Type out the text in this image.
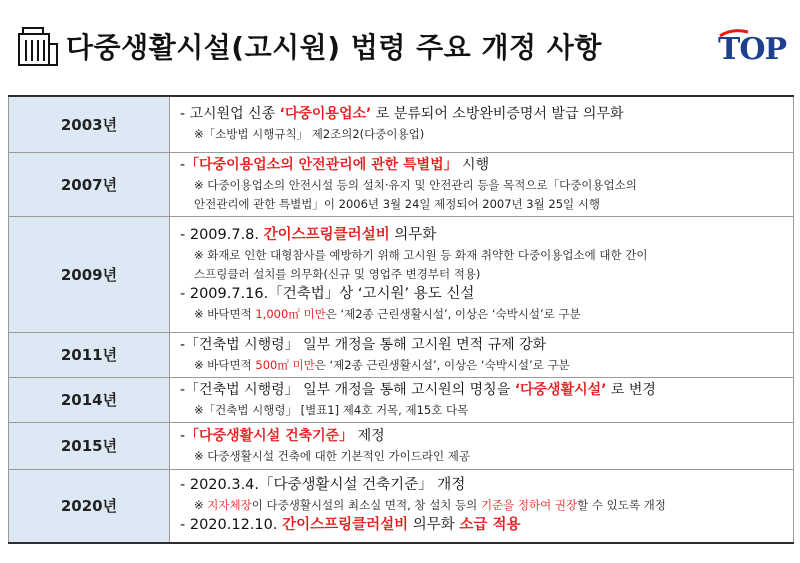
다중생활시설(고시원) 법령 주요 개정 사항	TOP
2003년	- 고시원업 신종 ‘다중이용업소’ 로 분류되어 소방완비증명서 발급 의무화
※「소방법 시행규칙」 제2조의2(다중이용업)

2007년	-「다중이용업소의 안전관리에 관한 특별법」 시행
※ 다중이용업소의 안전시설 등의 설치·유지 및 안전관리 등을 목적으로「다중이용업소의
안전관리에 관한 특별법」이 2006년 3월 24일 제정되어 2007년 3월 25일 시행

2009년	- 2009.7.8. 간이스프링클러설비 의무화
※ 화재로 인한 대형참사를 예방하기 위해 고시원 등 화재 취약한 다중이용업소에 대한 간이
스프링클러 설치를 의무화(신규 및 영업주 변경부터 적용)
- 2009.7.16.「건축법」상 ‘고시원’ 용도 신설
※ 바닥면적 1,000㎡ 미만은 ‘제2종 근린생활시설’, 이상은 ‘숙박시설’로 구분

2011년	-「건축법 시행령」 일부 개정을 통해 고시원 면적 규제 강화
※ 바닥면적 500㎡ 미만은 ‘제2종 근린생활시설’, 이상은 ‘숙박시설’로 구분

2014년	-「건축법 시행령」 일부 개정을 통해 고시원의 명칭을 ‘다중생활시설’ 로 변경
※「건축법 시행령」 [별표1] 제4호 거목, 제15호 다목

2015년	-「다중생활시설 건축기준」 제정
※ 다중생활시설 건축에 대한 기본적인 가이드라인 제공

2020년	- 2020.3.4.「다중생활시설 건축기준」 개정
※ 지자체장이 다중생활시설의 최소실 면적, 창 설치 등의 기준을 정하여 권장할 수 있도록 개정
- 2020.12.10. 간이스프링클러설비 의무화 소급 적용
